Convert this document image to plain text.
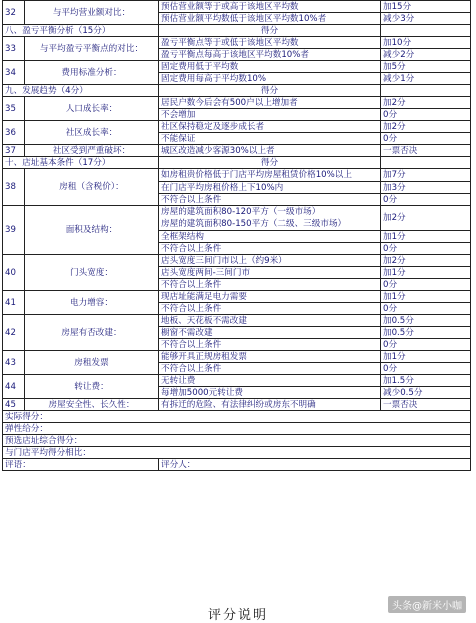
32	与平均营业额对比：	预估营业额等于或高于该地区平均数	加15分
		预估营业额平均数低于该地区平均数10%者	减少3分
八、盈亏平衡分析（15分）		得分	
33	与平均盈亏平衡点的对比：	盈亏平衡点等于或低于该地区平均数	加10分
		盈亏平衡点每高于该地区平均数10%者	减少2分
34	费用标准分析：	固定费用低于平均数	加5分
		固定费用每高于平均数10%	减少1分
九、发展趋势（4分）		得分	
35	人口成长率：	居民户数今后会有500户以上增加者	加2分
		不会增加	0分
36	社区成长率：	社区保持稳定及逐步成长者	加2分
		不能保证	0分
37	社区受到严重破坏：	城区改造减少客源30%以上者	一票否决
十、店址基本条件（17分）		得分	
38	房租（含税价）：	如房租贵价格低于门店平均房屋租赁价格10%以上	加7分
		在门店平均房租价格上下10%内	加3分
		不符合以上条件	0分
39	面积及结构：	房屋的建筑面积80-120平方（一级市场）
房屋的建筑面积80-150平方（二级、三级市场）	加2分
		全框架结构	加1分
		不符合以上条件	0分
40	门头宽度：	店头宽度三间门市以上（约9米）	加2分
		店头宽度两间-三间门市	加1分
		不符合以上条件	0分
41	电力增容：	现店址能满足电力需要	加1分
		不符合以上条件	0分
42	房屋有否改建：	地板、天花板不需改建	加0.5分
		橱窗不需改建	加0.5分
		不符合以上条件	0分
43	房租发票	能够开具正规房租发票	加1分
		不符合以上条件	0分
44	转让费：	无转让费	加1.5分
		每增加5000元转让费	减少0.5分
45	房屋安全性、长久性：	有拆迁的危险、有法律纠纷或房东不明确	一票否决
实际得分：			
弹性给分：			
预选店址综合得分：			
与门店平均得分相比：			
评语：		评分人：	
评分说明
头条@新米小咖
